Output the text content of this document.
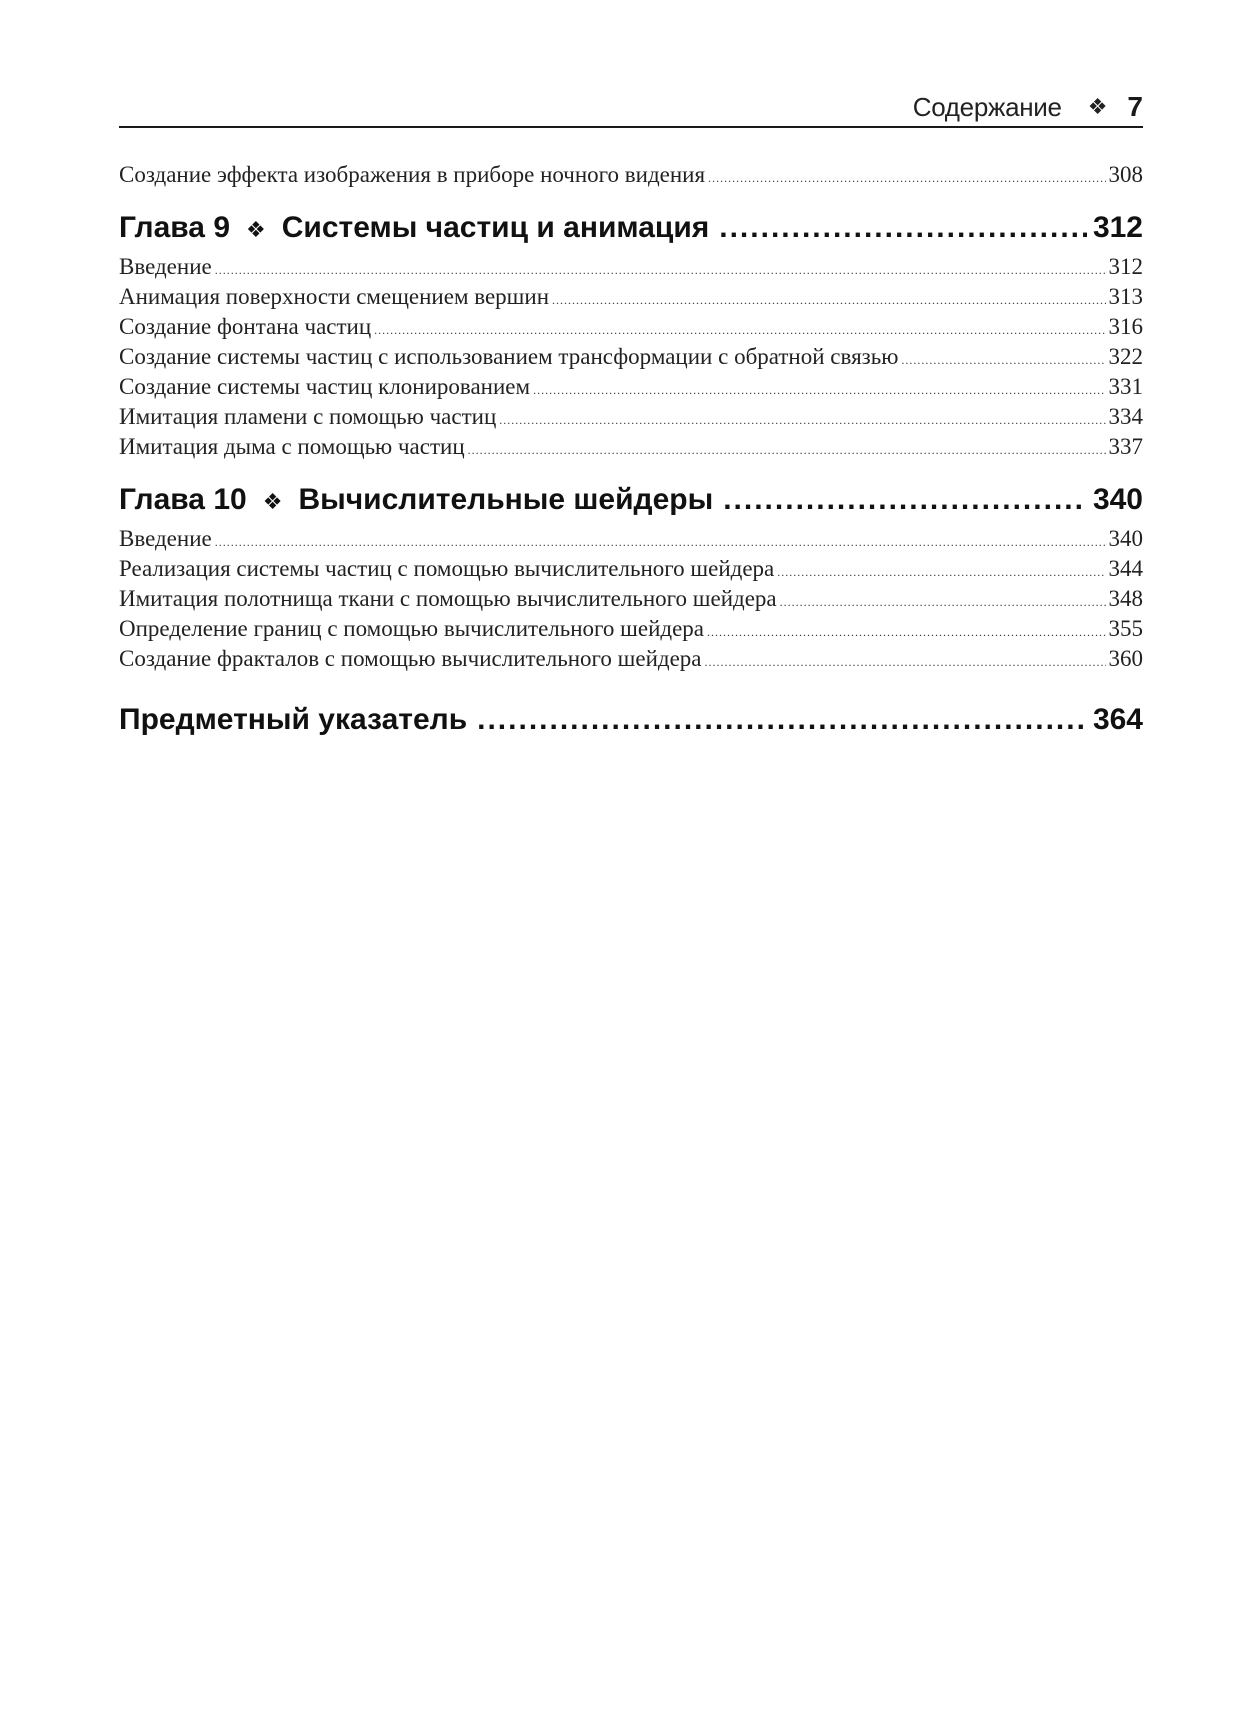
Содержание ❖ 7
Создание эффекта изображения в приборе ночного видения .....	308
Глава 9 ❖ Системы частиц и анимация .....	312
Введение .....	312
Анимация поверхности смещением вершин .....	313
Создание фонтана частиц .....	316
Создание системы частиц с использованием трансформации с обратной связью .....	322
Создание системы частиц клонированием .....	331
Имитация пламени с помощью частиц .....	334
Имитация дыма с помощью частиц .....	337
Глава 10 ❖ Вычислительные шейдеры .....	340
Введение .....	340
Реализация системы частиц с помощью вычислительного шейдера .....	344
Имитация полотнища ткани с помощью вычислительного шейдера .....	348
Определение границ с помощью вычислительного шейдера .....	355
Создание фракталов с помощью вычислительного шейдера .....	360
Предметный указатель .....	364
